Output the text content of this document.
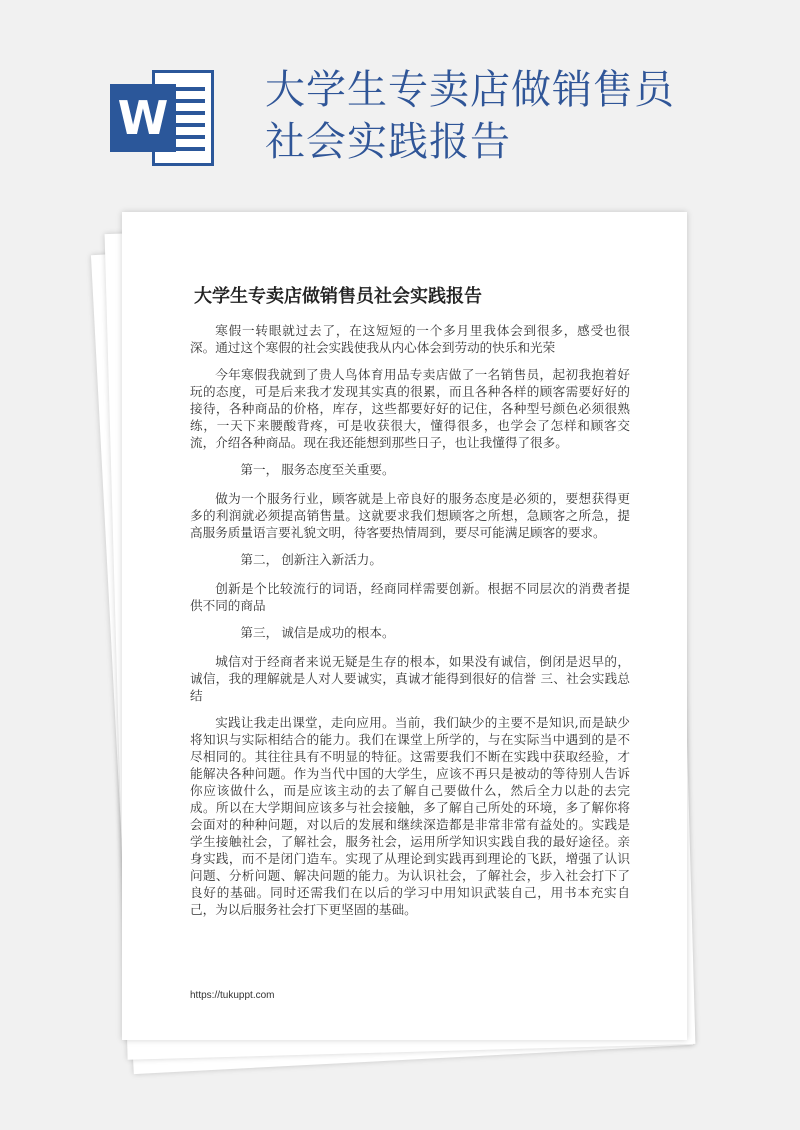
W
大学生专卖店做销售员
社会实践报告
大学生专卖店做销售员社会实践报告

寒假一转眼就过去了，在这短短的一个多月里我体会到很多，感受也很深。通过这个寒假的社会实践使我从内心体会到劳动的快乐和光荣

今年寒假我就到了贵人鸟体育用品专卖店做了一名销售员，起初我抱着好玩的态度，可是后来我才发现其实真的很累，而且各种各样的顾客需要好好的接待，各种商品的价格，库存，这些都要好好的记住，各种型号颜色必须很熟练，一天下来腰酸背疼，可是收获很大，懂得很多，也学会了怎样和顾客交流，介绍各种商品。现在我还能想到那些日子，也让我懂得了很多。

第一， 服务态度至关重要。

做为一个服务行业，顾客就是上帝良好的服务态度是必须的，要想获得更多的利润就必须提高销售量。这就要求我们想顾客之所想，急顾客之所急，提高服务质量语言要礼貌文明，待客要热情周到，要尽可能满足顾客的要求。

第二， 创新注入新活力。

创新是个比较流行的词语，经商同样需要创新。根据不同层次的消费者提供不同的商品

第三， 诚信是成功的根本。

城信对于经商者来说无疑是生存的根本，如果没有诚信，倒闭是迟早的，诚信，我的理解就是人对人要诚实，真诚才能得到很好的信誉 三、社会实践总结

实践让我走出课堂，走向应用。当前，我们缺少的主要不是知识,而是缺少将知识与实际相结合的能力。我们在课堂上所学的，与在实际当中遇到的是不尽相同的。其往往具有不明显的特征。这需要我们不断在实践中获取经验，才能解决各种问题。作为当代中国的大学生，应该不再只是被动的等待别人告诉你应该做什么，而是应该主动的去了解自己要做什么，然后全力以赴的去完成。所以在大学期间应该多与社会接触，多了解自己所处的环境，多了解你将会面对的种种问题，对以后的发展和继续深造都是非常非常有益处的。实践是学生接触社会，了解社会，服务社会，运用所学知识实践自我的最好途径。亲身实践，而不是闭门造车。实现了从理论到实践再到理论的飞跃，增强了认识问题、分析问题、解决问题的能力。为认识社会，了解社会，步入社会打下了良好的基础。同时还需我们在以后的学习中用知识武装自己，用书本充实自己，为以后服务社会打下更坚固的基础。

https://tukuppt.com
